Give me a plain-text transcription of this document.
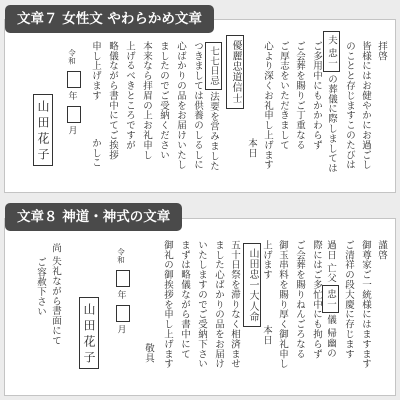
文章７ 女性文 やわらかめ文章
拝啓
皆様にはお健やかにお過ごし
のことと存じますこのたびは
夫 忠一の葬儀に際しましては
ご多用中にもかかわらず
ご会葬を賜りご丁重なる
ご厚志をいただきまして
心より深くお礼申し上げます
本日
優麗忠道信士
七七日忌法要を営みました
つきましては供養のしるしに
心ばかりの品をお届けいたし
ましたのでご受納ください
本来なら拝眉の上お礼申し
上げるべきところですが
略儀ながら書中にてご挨拶
申し上げます
かしこ
令和 年 月
山田花子
文章８ 神道・神式の文章
謹啓
御尊家ご一統様にはますます
ご清祥の段大慶に存じます
過日 亡父忠一儀 帰幽の
際にはご多忙中にも拘らず
ご会葬を賜りねんごろなる
御玉串料を賜り厚く御礼申し
上げます
本日
山田忠一大人命
五十日祭を滞りなく相済ませ
ました心ばかりの品をお届け
いたしますのでご受納下さい
まずは略儀ながら書中にて
御礼の御挨拶を申し上げます
敬具
令和 年 月
山田花子
尚 失礼ながら書面にて
ご容赦下さい
